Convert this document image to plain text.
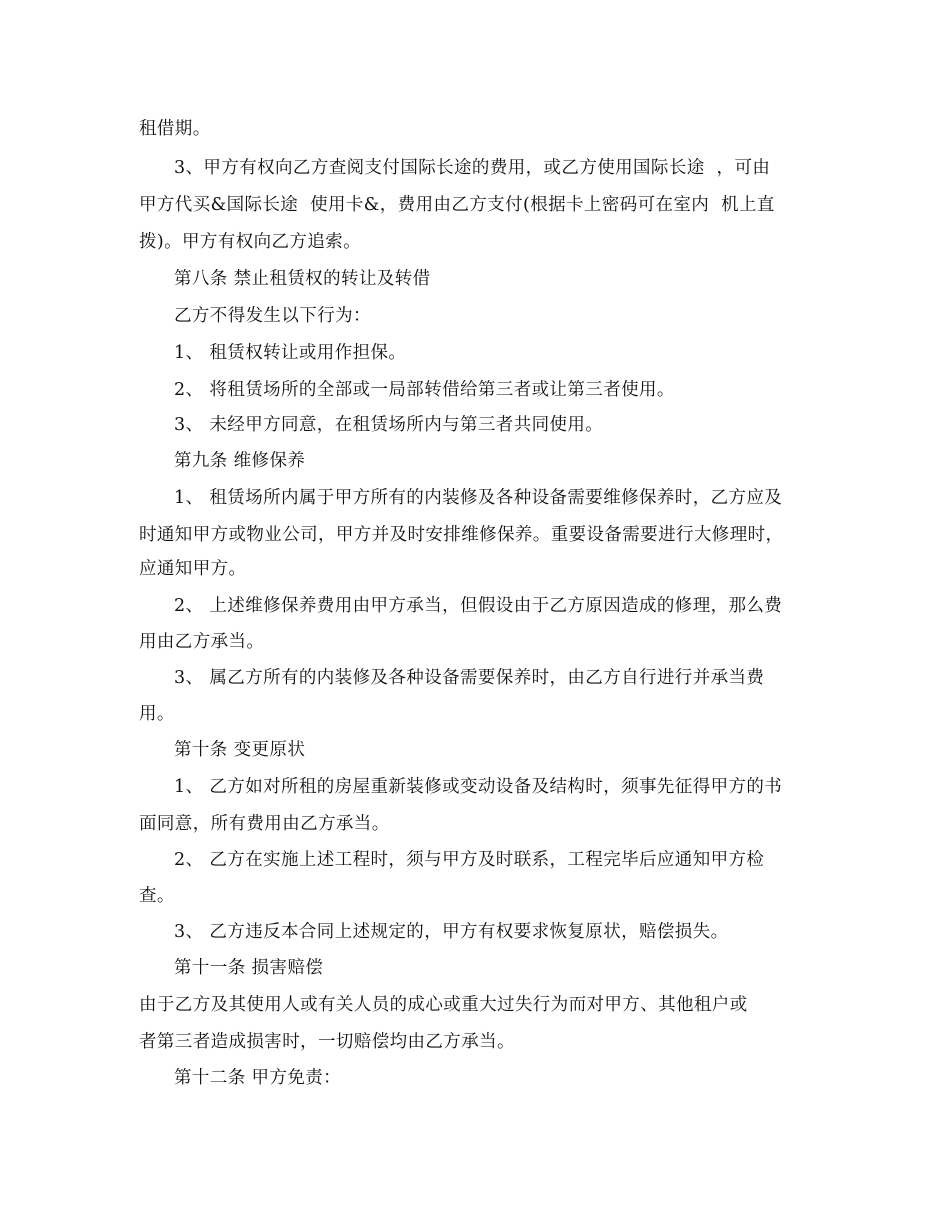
租借期。
3、甲方有权向乙方查阅支付国际长途的费用，或乙方使用国际长途  ，可由
甲方代买&国际长途  使用卡&，费用由乙方支付(根据卡上密码可在室内  机上直
拨)。甲方有权向乙方追索。
第八条 禁止租赁权的转让及转借
乙方不得发生以下行为：
1、 租赁权转让或用作担保。
2、 将租赁场所的全部或一局部转借给第三者或让第三者使用。
3、 未经甲方同意，在租赁场所内与第三者共同使用。
第九条 维修保养
1、 租赁场所内属于甲方所有的内装修及各种设备需要维修保养时，乙方应及
时通知甲方或物业公司，甲方并及时安排维修保养。重要设备需要进行大修理时，
应通知甲方。
2、 上述维修保养费用由甲方承当，但假设由于乙方原因造成的修理，那么费
用由乙方承当。
3、 属乙方所有的内装修及各种设备需要保养时，由乙方自行进行并承当费
用。
第十条 变更原状
1、 乙方如对所租的房屋重新装修或变动设备及结构时，须事先征得甲方的书
面同意，所有费用由乙方承当。
2、 乙方在实施上述工程时，须与甲方及时联系，工程完毕后应通知甲方检
查。
3、 乙方违反本合同上述规定的，甲方有权要求恢复原状，赔偿损失。
第十一条 损害赔偿
由于乙方及其使用人或有关人员的成心或重大过失行为而对甲方、其他租户或
者第三者造成损害时，一切赔偿均由乙方承当。
第十二条 甲方免责：
